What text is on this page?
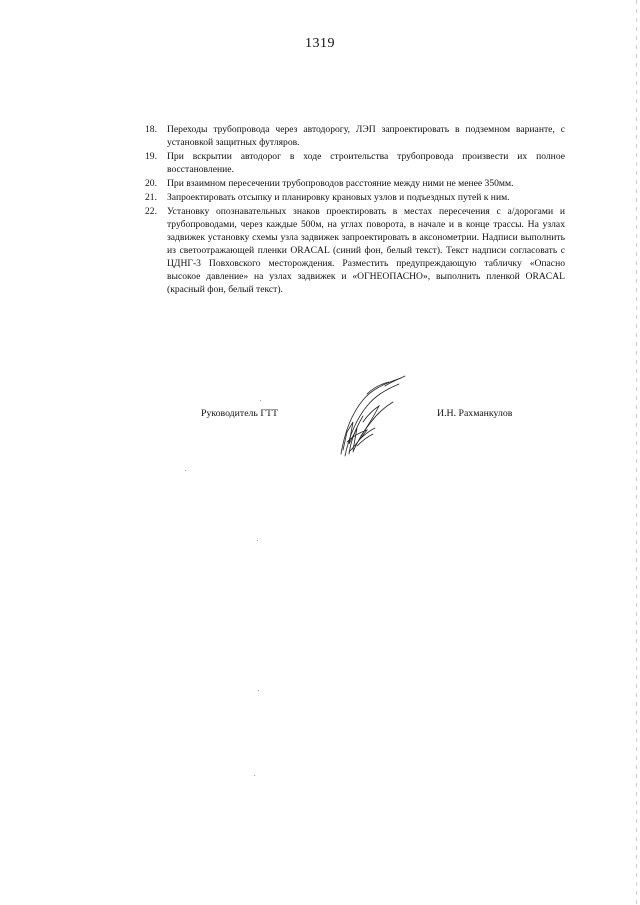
1319
18.	Переходы трубопровода через автодорогу, ЛЭП запроектировать в подземном варианте, с установкой защитных футляров.
19.	При вскрытии автодорог в ходе строительства трубопровода произвести их полное восстановление.
20.	При взаимном пересечении трубопроводов расстояние между ними не менее 350мм.
21.	Запроектировать отсыпку и планировку крановых узлов и подъездных путей к ним.
22.	Установку опознавательных знаков проектировать в местах пересечения с а/дорогами и трубопроводами, через каждые 500м, на углах поворота, в начале и в конце трассы. На узлах задвижек установку схемы узла задвижек запроектировать в аксонометрии. Надписи выполнить из светоотражающей пленки ORACAL (синий фон, белый текст). Текст надписи согласовать с ЦДНГ-3 Повховского месторождения. Разместить предупреждающую табличку «Опасно высокое давление» на узлах задвижек и «ОГНЕОПАСНО», выполнить пленкой ORACAL (красный фон, белый текст).
Руководитель ГТТ	И.Н. Рахманкулов
